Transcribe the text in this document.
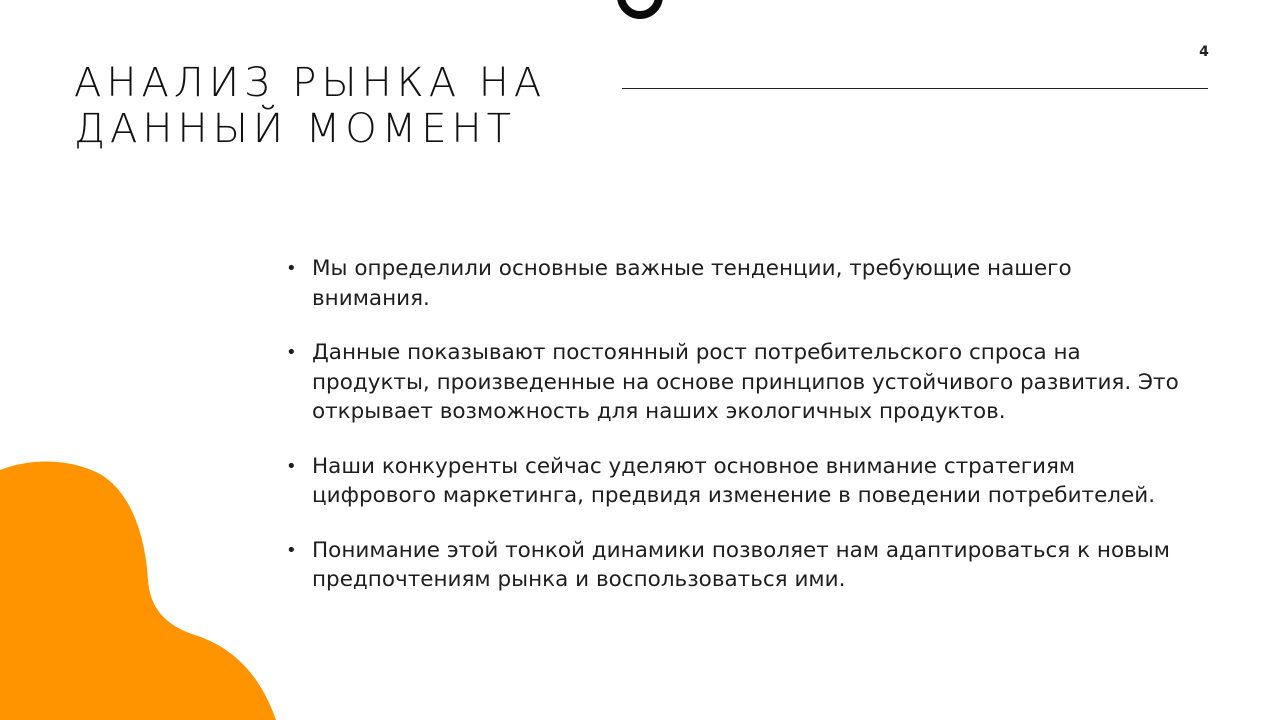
4
АНАЛИЗ РЫНКА НА
ДАННЫЙ МОМЕНТ
• Мы определили основные важные тенденции, требующие нашего внимания.
• Данные показывают постоянный рост потребительского спроса на продукты, произведенные на основе принципов устойчивого развития. Это открывает возможность для наших экологичных продуктов.
• Наши конкуренты сейчас уделяют основное внимание стратегиям цифрового маркетинга, предвидя изменение в поведении потребителей.
• Понимание этой тонкой динамики позволяет нам адаптироваться к новым предпочтениям рынка и воспользоваться ими.
